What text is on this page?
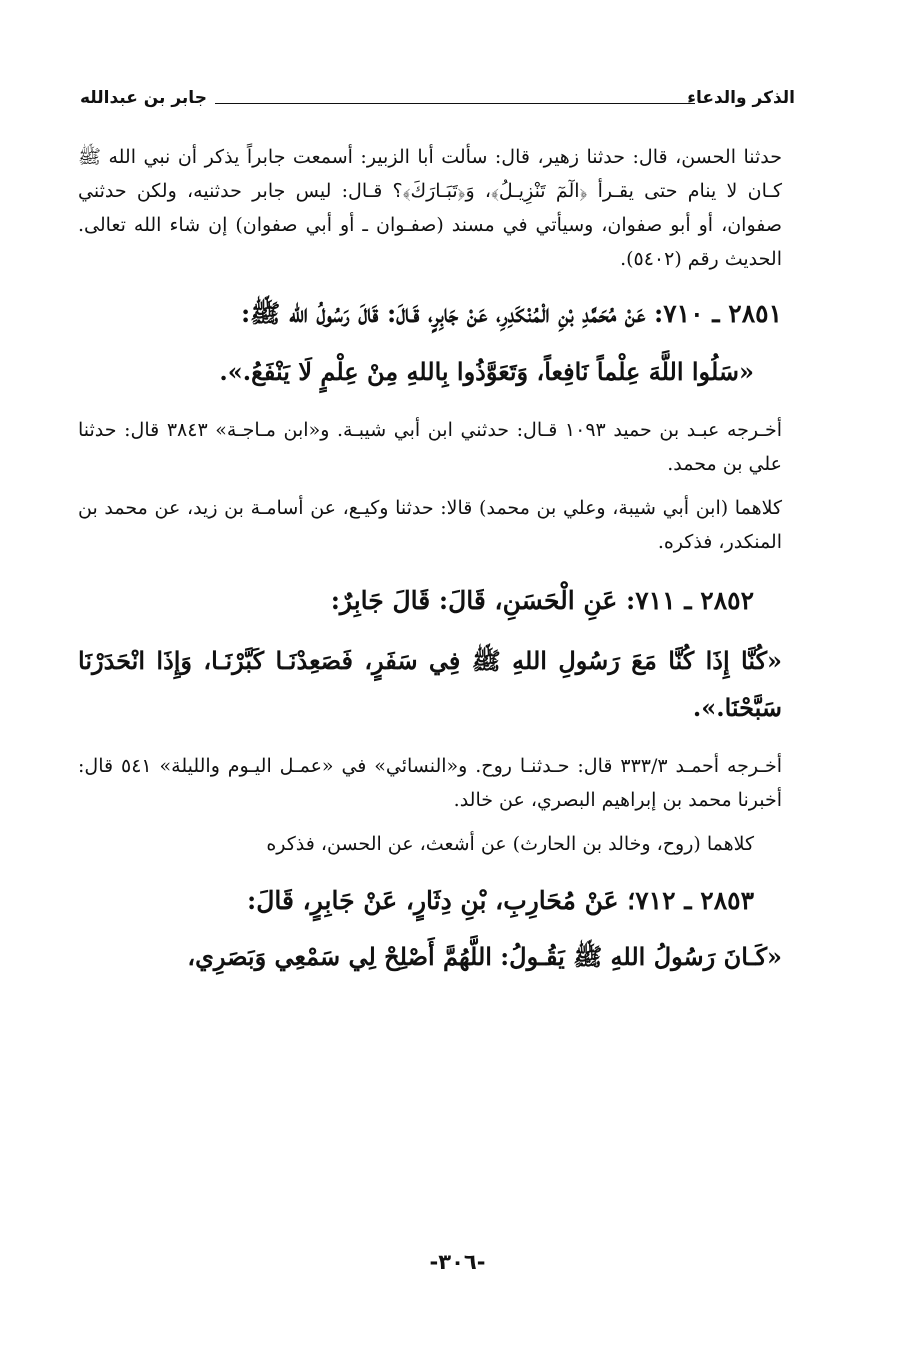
الذكر والدعاء
جابر بن عبدالله

حدثنا الحسن، قال: حدثنا زهير، قال: سألت أبا الزبير: أسمعت جابراً يذكر أن نبي الله ﷺ كـان لا ينام حتى يقـرأ ﴿الٓمٓ تَنْزِيـلُ﴾، وَ﴿تَبَـارَكَ﴾؟ قـال: ليس جابر حدثنيه، ولكن حدثني صفوان، أو أبو صفوان، وسيأتي في مسند (صفـوان ـ أو أبي صفوان) إن شاء الله تعالى. الحديث رقم (٥٤٠٢).

٢٨٥١ ـ ٧١٠: عَنْ مُحَمَّدِ بْنِ الْمُنْكَدِرِ، عَنْ جَابِرٍ، قَـالَ: قَالَ رَسُولُ الله ﷺ:

«سَلُوا اللَّهَ عِلْماً نَافِعاً، وَتَعَوَّذُوا بِاللهِ مِنْ عِلْمٍ لَا يَنْفَعُ.».

أخـرجه عبـد بن حميد ١٠٩٣ قـال: حدثني ابن أبي شيبـة. و«ابن مـاجـة» ٣٨٤٣ قال: حدثنا علي بن محمد.

كلاهما (ابن أبي شيبة، وعلي بن محمد) قالا: حدثنا وكيـع، عن أسامـة بن زيد، عن محمد بن المنكدر، فذكره.

٢٨٥٢ ـ ٧١١: عَنِ الْحَسَنِ، قَالَ: قَالَ جَابِرٌ:

«كُنَّا إِذَا كُنَّا مَعَ رَسُولِ اللهِ ﷺ فِي سَفَرٍ، فَصَعِدْنَـا كَبَّرْنَـا، وَإِذَا انْحَدَرْنَا سَبَّحْنَا.».

أخـرجه أحمـد ٣٣٣/٣ قال: حـدثنـا روح. و«النسائي» في «عمـل اليـوم والليلة» ٥٤١ قال: أخبرنا محمد بن إبراهيم البصري، عن خالد.

كلاهما (روح، وخالد بن الحارث) عن أشعث، عن الحسن، فذكره

٢٨٥٣ ـ ٧١٢؛ عَنْ مُحَارِبِ، بْنِ دِثَارٍ، عَنْ جَابِرٍ، قَالَ:

«كَـانَ رَسُولُ اللهِ ﷺ يَقُـولُ: اللَّهُمَّ أَصْلِحْ لِي سَمْعِي وَبَصَرِي،

-٣٠٦-
